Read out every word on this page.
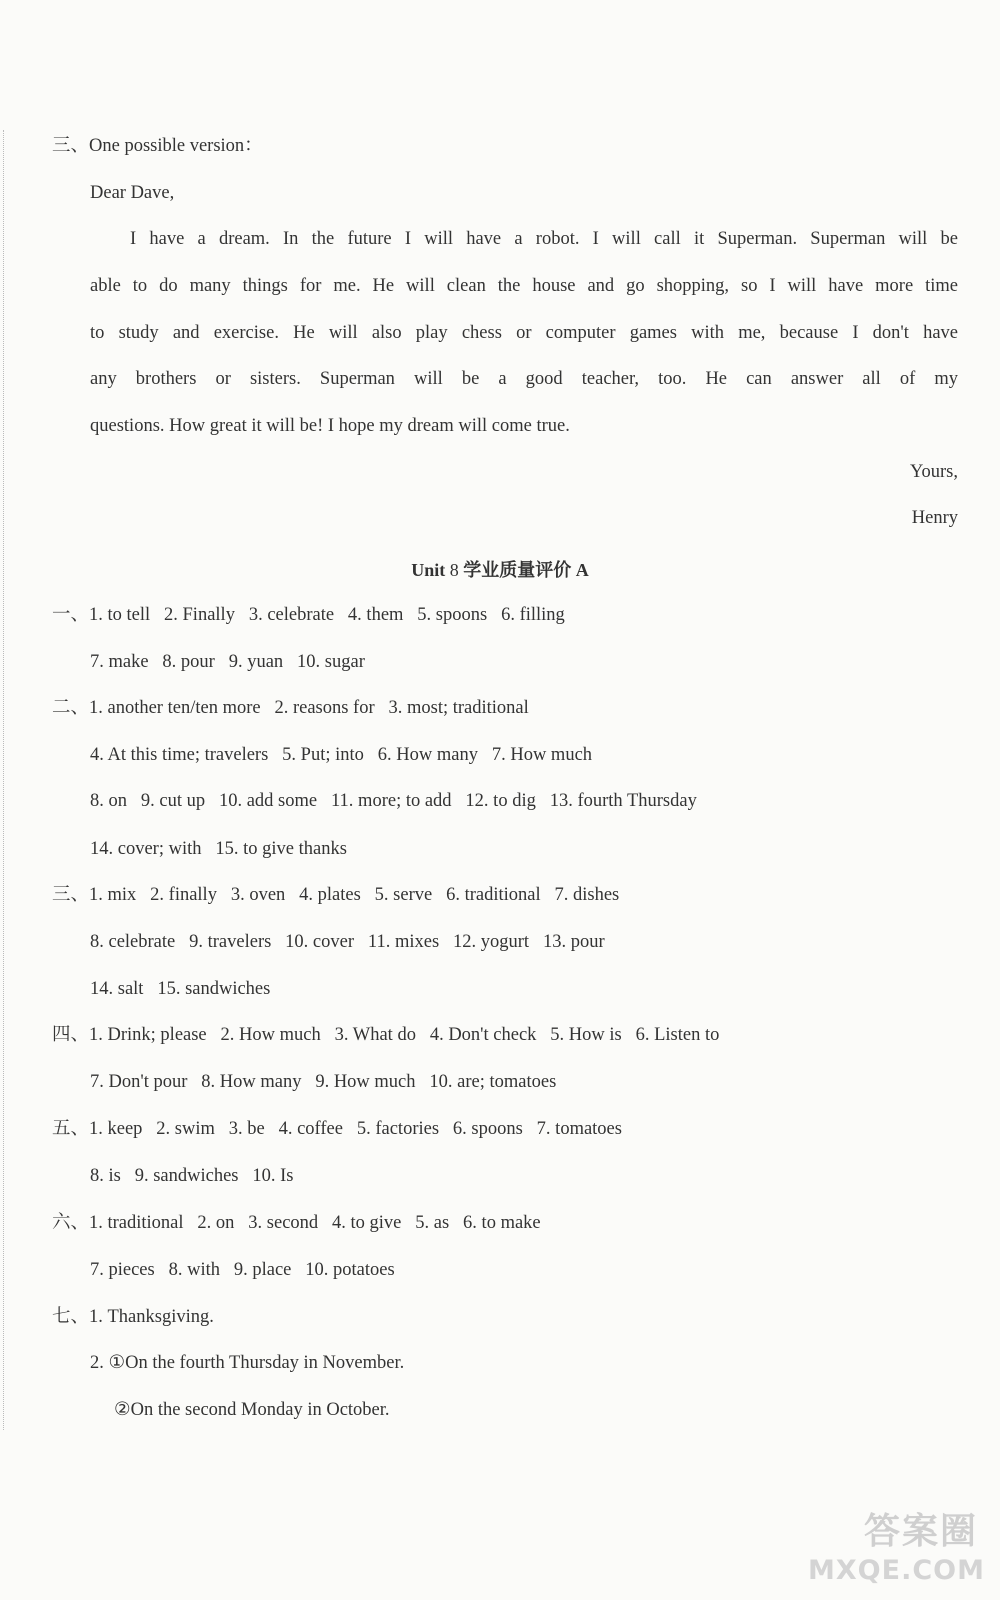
三、One possible version：
Dear Dave,
I have a dream. In the future I will have a robot. I will call it Superman. Superman will be
able to do many things for me. He will clean the house and go shopping, so I will have more time
to study and exercise. He will also play chess or computer games with me, because I don't have
any brothers or sisters. Superman will be a good teacher, too. He can answer all of my
questions. How great it will be! I hope my dream will come true.
Yours,
Henry
Unit 8 学业质量评价 A
一、1. to tell   2. Finally   3. celebrate   4. them   5. spoons   6. filling
7. make   8. pour   9. yuan   10. sugar
二、1. another ten/ten more   2. reasons for   3. most; traditional
4. At this time; travelers   5. Put; into   6. How many   7. How much
8. on   9. cut up   10. add some   11. more; to add   12. to dig   13. fourth Thursday
14. cover; with   15. to give thanks
三、1. mix   2. finally   3. oven   4. plates   5. serve   6. traditional   7. dishes
8. celebrate   9. travelers   10. cover   11. mixes   12. yogurt   13. pour
14. salt   15. sandwiches
四、1. Drink; please   2. How much   3. What do   4. Don't check   5. How is   6. Listen to
7. Don't pour   8. How many   9. How much   10. are; tomatoes
五、1. keep   2. swim   3. be   4. coffee   5. factories   6. spoons   7. tomatoes
8. is   9. sandwiches   10. Is
六、1. traditional   2. on   3. second   4. to give   5. as   6. to make
7. pieces   8. with   9. place   10. potatoes
七、1. Thanksgiving.
2. ①On the fourth Thursday in November.
②On the second Monday in October.
答案圈
MXQE.COM
